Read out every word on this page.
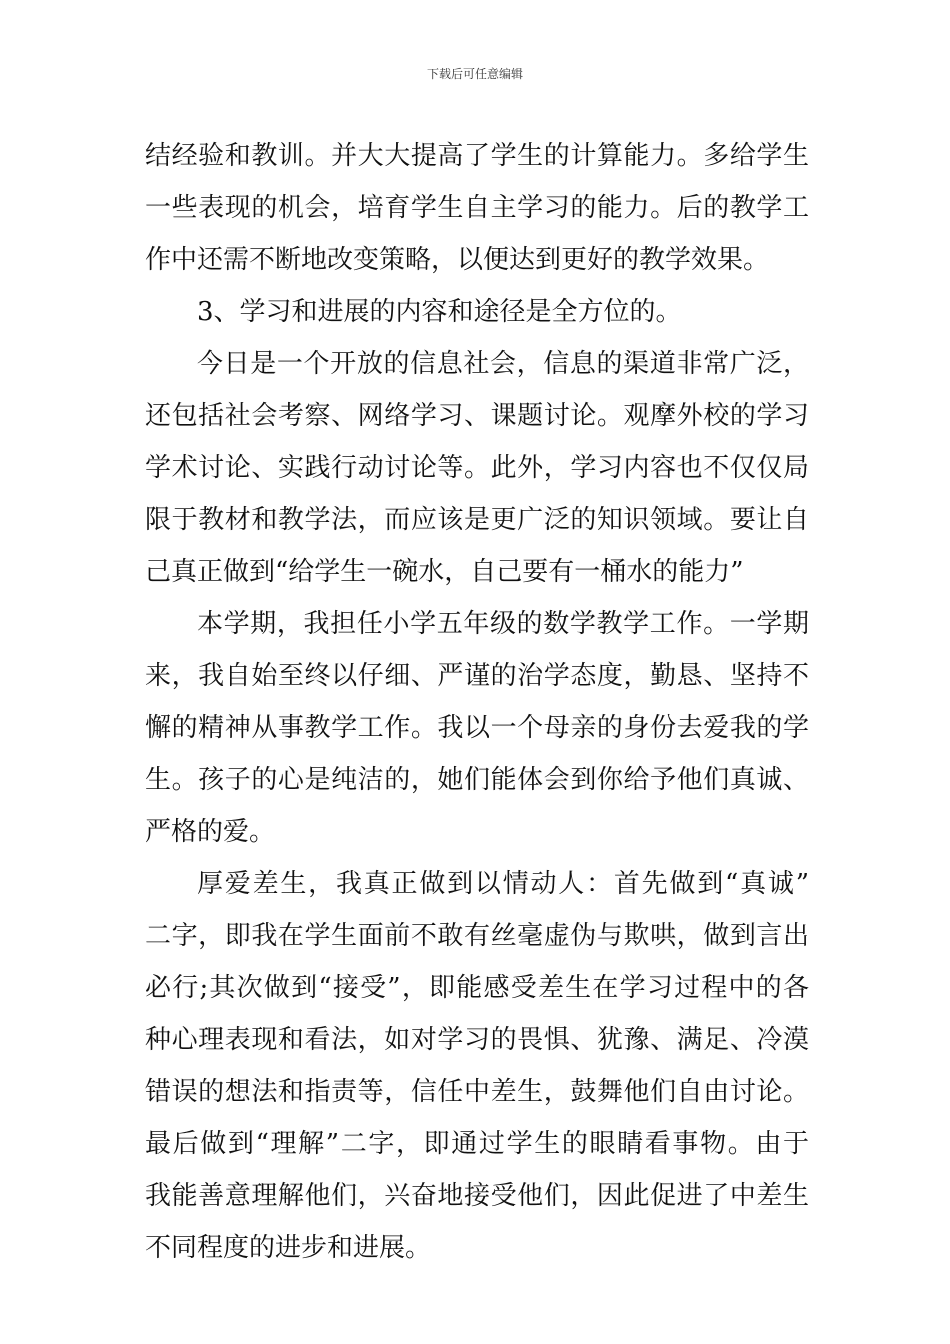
下载后可任意编辑
结经验和教训。并大大提高了学生的计算能力。多给学生
一些表现的机会，培育学生自主学习的能力。后的教学工
作中还需不断地改变策略，以便达到更好的教学效果。
3、学习和进展的内容和途径是全方位的。
今日是一个开放的信息社会，信息的渠道非常广泛，
还包括社会考察、网络学习、课题讨论。观摩外校的学习
学术讨论、实践行动讨论等。此外，学习内容也不仅仅局
限于教材和教学法，而应该是更广泛的知识领域。要让自
己真正做到“给学生一碗水，自己要有一桶水的能力”
本学期，我担任小学五年级的数学教学工作。一学期
来，我自始至终以仔细、严谨的治学态度，勤恳、坚持不
懈的精神从事教学工作。我以一个母亲的身份去爱我的学
生。孩子的心是纯洁的，她们能体会到你给予他们真诚、
严格的爱。
厚爱差生，我真正做到以情动人：首先做到“真诚”
二字，即我在学生面前不敢有丝毫虚伪与欺哄，做到言出
必行;其次做到“接受”，即能感受差生在学习过程中的各
种心理表现和看法，如对学习的畏惧、犹豫、满足、冷漠
错误的想法和指责等，信任中差生，鼓舞他们自由讨论。
最后做到“理解”二字，即通过学生的眼睛看事物。由于
我能善意理解他们，兴奋地接受他们，因此促进了中差生
不同程度的进步和进展。
